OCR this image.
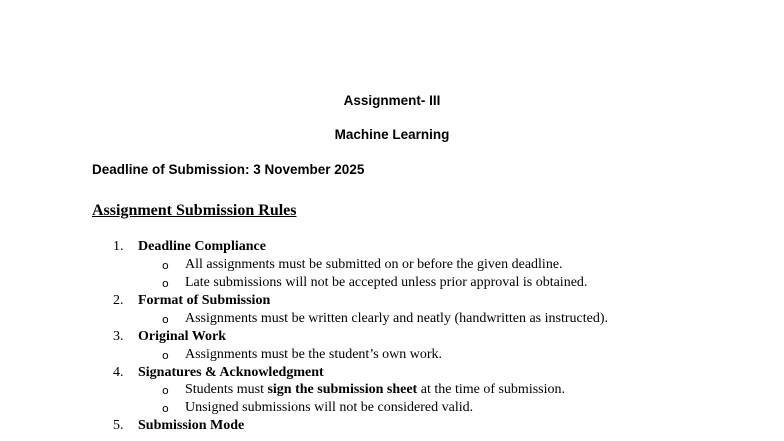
Assignment- III
Machine Learning
Deadline of Submission: 3 November 2025
Assignment Submission Rules
1. Deadline Compliance
o All assignments must be submitted on or before the given deadline.
o Late submissions will not be accepted unless prior approval is obtained.
2. Format of Submission
o Assignments must be written clearly and neatly (handwritten as instructed).
3. Original Work
o Assignments must be the student’s own work.
4. Signatures & Acknowledgment
o Students must sign the submission sheet at the time of submission.
o Unsigned submissions will not be considered valid.
5. Submission Mode
